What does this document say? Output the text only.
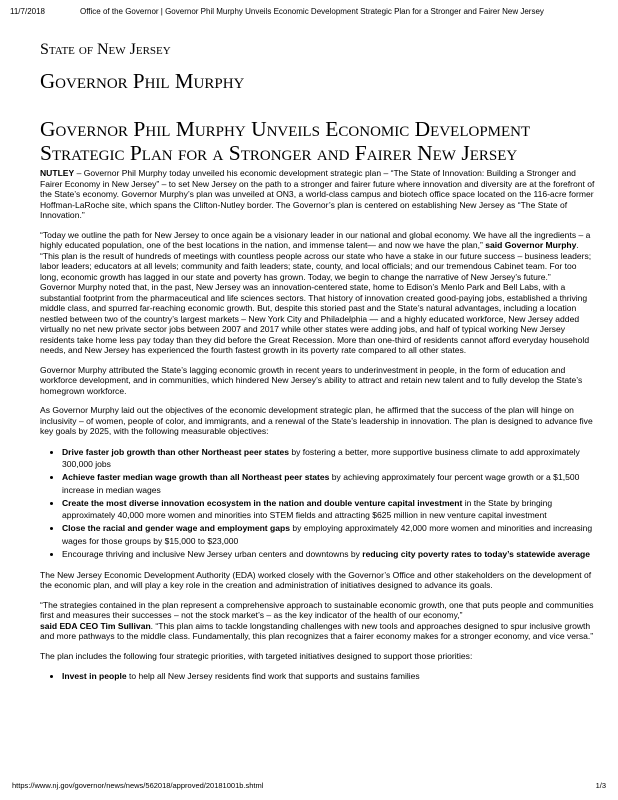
11/7/2018	Office of the Governor | Governor Phil Murphy Unveils Economic Development Strategic Plan for a Stronger and Fairer New Jersey
State of New Jersey
Governor Phil Murphy
Governor Phil Murphy Unveils Economic Development Strategic Plan for a Stronger and Fairer New Jersey

NUTLEY – Governor Phil Murphy today unveiled his economic development strategic plan – “The State of Innovation: Building a Stronger and Fairer Economy in New Jersey” – to set New Jersey on the path to a stronger and fairer future where innovation and diversity are at the forefront of the State’s economy. Governor Murphy’s plan was unveiled at ON3, a world-class campus and biotech office space located on the 116-acre former Hoffman-LaRoche site, which spans the Clifton-Nutley border. The Governor’s plan is centered on establishing New Jersey as “The State of Innovation.”

“Today we outline the path for New Jersey to once again be a visionary leader in our national and global economy. We have all the ingredients – a highly educated population, one of the best locations in the nation, and immense talent— and now we have the plan,” said Governor Murphy. “This plan is the result of hundreds of meetings with countless people across our state who have a stake in our future success – business leaders; labor leaders; educators at all levels; community and faith leaders; state, county, and local officials; and our tremendous Cabinet team. For too long, economic growth has lagged in our state and poverty has grown. Today, we begin to change the narrative of New Jersey’s future.”

Governor Murphy noted that, in the past, New Jersey was an innovation-centered state, home to Edison’s Menlo Park and Bell Labs, with a substantial footprint from the pharmaceutical and life sciences sectors. That history of innovation created good-paying jobs, established a thriving middle class, and spurred far-reaching economic growth. But, despite this storied past and the State’s natural advantages, including a location nestled between two of the country’s largest markets – New York City and Philadelphia — and a highly educated workforce, New Jersey added virtually no net new private sector jobs between 2007 and 2017 while other states were adding jobs, and half of typical working New Jersey residents take home less pay today than they did before the Great Recession. More than one-third of residents cannot afford everyday household needs, and New Jersey has experienced the fourth fastest growth in its poverty rate compared to all other states.

Governor Murphy attributed the State’s lagging economic growth in recent years to underinvestment in people, in the form of education and workforce development, and in communities, which hindered New Jersey’s ability to attract and retain new talent and to fully develop the State’s homegrown workforce.

As Governor Murphy laid out the objectives of the economic development strategic plan, he affirmed that the success of the plan will hinge on inclusivity – of women, people of color, and immigrants, and a renewal of the State’s leadership in innovation. The plan is designed to advance five key goals by 2025, with the following measurable objectives:

• Drive faster job growth than other Northeast peer states by fostering a better, more supportive business climate to add approximately 300,000 jobs
• Achieve faster median wage growth than all Northeast peer states by achieving approximately four percent wage growth or a $1,500 increase in median wages
• Create the most diverse innovation ecosystem in the nation and double venture capital investment in the State by bringing approximately 40,000 more women and minorities into STEM fields and attracting $625 million in new venture capital investment
• Close the racial and gender wage and employment gaps by employing approximately 42,000 more women and minorities and increasing wages for those groups by $15,000 to $23,000
• Encourage thriving and inclusive New Jersey urban centers and downtowns by reducing city poverty rates to today’s statewide average

The New Jersey Economic Development Authority (EDA) worked closely with the Governor’s Office and other stakeholders on the development of the economic plan, and will play a key role in the creation and administration of initiatives designed to advance its goals.

“The strategies contained in the plan represent a comprehensive approach to sustainable economic growth, one that puts people and communities first and measures their successes – not the stock market’s – as the key indicator of the health of our economy,”
said EDA CEO Tim Sullivan. “This plan aims to tackle longstanding challenges with new tools and approaches designed to spur inclusive growth and more pathways to the middle class. Fundamentally, this plan recognizes that a fairer economy makes for a stronger economy, and vice versa.”

The plan includes the following four strategic priorities, with targeted initiatives designed to support those priorities:

• Invest in people to help all New Jersey residents find work that supports and sustains families
https://www.nj.gov/governor/news/news/562018/approved/20181001b.shtml	1/3
